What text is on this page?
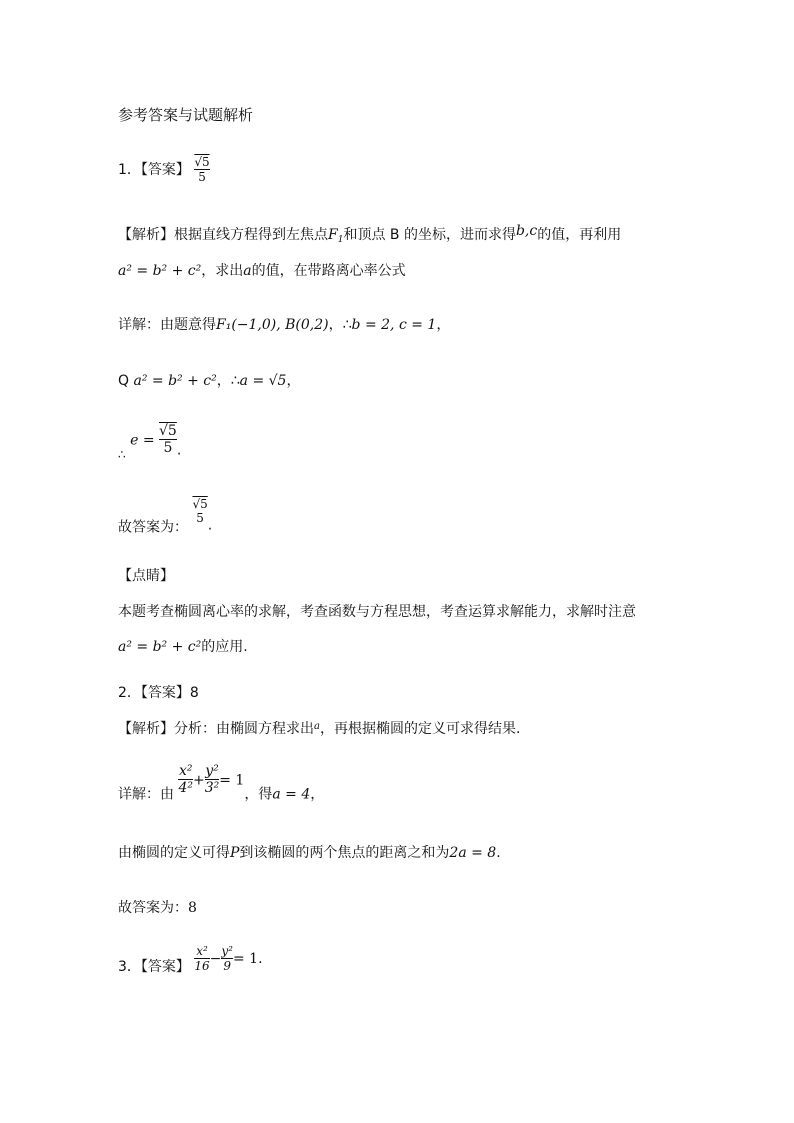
参考答案与试题解析
1．【答案】 $\frac{√5}{5}$
【解析】根据直线方程得到左焦点$F_1$和顶点 B 的坐标，进而求得b,c的值，再利用
a² = b² + c²，求出a的值，在带路离心率公式
详解：由题意得F₁(−1,0), B(0,2)，∴b = 2, c = 1，
Q a² = b² + c²，∴a = √5，
∴ $e = \frac{√5}{5}$ .
故答案为：
√5
5 .
【点睛】
本题考查椭圆离心率的求解，考查函数与方程思想，考查运算求解能力，求解时注意
a² = b² + c²的应用.
2．【答案】8
【解析】分析：由椭圆方程求出$^a$，再根据椭圆的定义可求得结果.
详解：由 $\frac{\text{x²}}{\text{4²}} + \frac{\text{y²}}{\text{3²}} = 1$，得a = 4，
由椭圆的定义可得P到该椭圆的两个焦点的距离之和为2a = 8.
故答案为：8
3．【答案】 $\frac{\text{x²}}{16} - \frac{\text{y²}}{9} = 1$.
